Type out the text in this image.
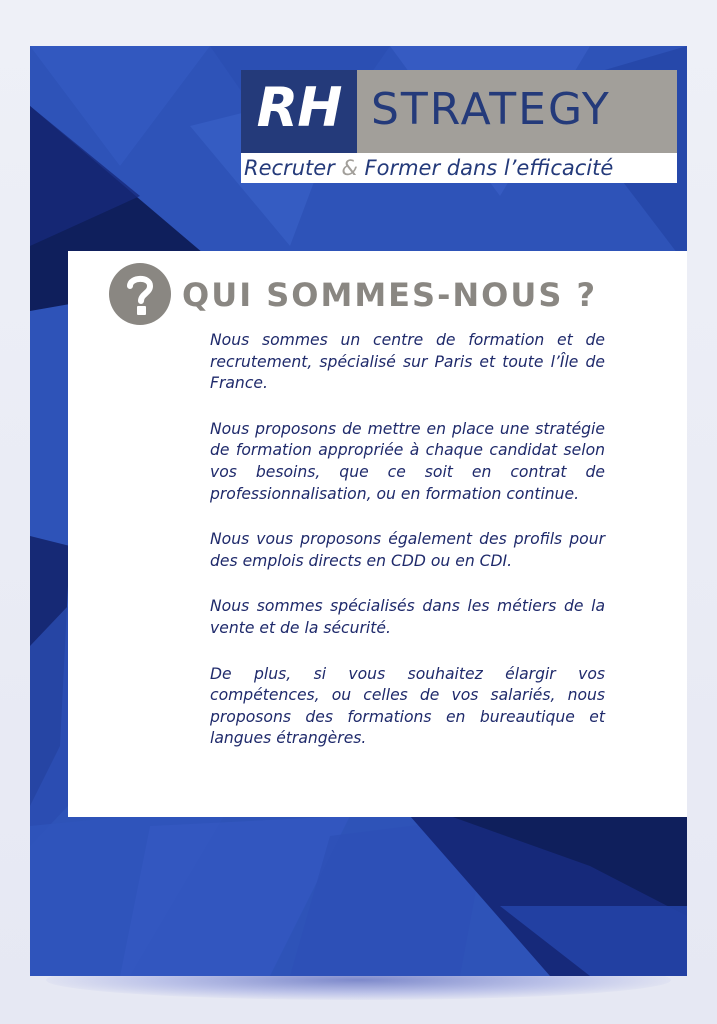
RH STRATEGY
Recruter & Former dans l’efficacité
QUI SOMMES-NOUS ?

Nous sommes un centre de formation et de recrutement, spécialisé sur Paris et toute l’Île de France.

Nous proposons de mettre en place une stratégie de formation appropriée à chaque candidat selon vos besoins, que ce soit en contrat de professionnalisation, ou en formation continue.

Nous vous proposons également des profils pour des emplois directs en CDD ou en CDI.

Nous sommes spécialisés dans les métiers de la vente et de la sécurité.

De plus, si vous souhaitez élargir vos compétences, ou celles de vos salariés, nous proposons des formations en bureautique et langues étrangères.
